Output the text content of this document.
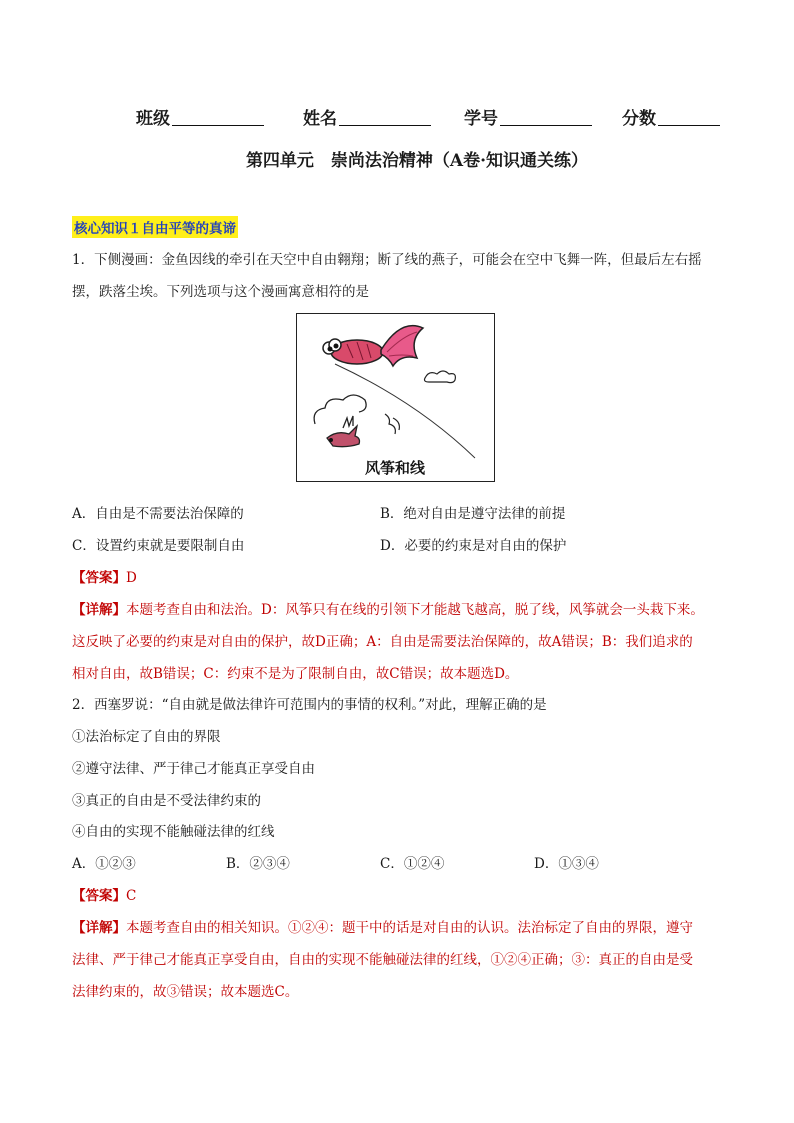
班级	姓名	学号	分数
第四单元　崇尚法治精神（A卷·知识通关练）
核心知识１自由平等的真谛
1．下侧漫画：金鱼因线的牵引在天空中自由翱翔；断了线的燕子，可能会在空中飞舞一阵，但最后左右摇
摆，跌落尘埃。下列选项与这个漫画寓意相符的是
风筝和线
A．自由是不需要法治保障的	B．绝对自由是遵守法律的前提
C．设置约束就是要限制自由	D．必要的约束是对自由的保护
【答案】D
【详解】本题考查自由和法治。D：风筝只有在线的引领下才能越飞越高，脱了线，风筝就会一头栽下来。
这反映了必要的约束是对自由的保护，故D正确；A：自由是需要法治保障的，故A错误；B：我们追求的
相对自由，故B错误；C：约束不是为了限制自由，故C错误；故本题选D。
2．西塞罗说：“自由就是做法律许可范围内的事情的权利。”对此，理解正确的是
①法治标定了自由的界限
②遵守法律、严于律己才能真正享受自由
③真正的自由是不受法律约束的
④自由的实现不能触碰法律的红线
A．①②③	B．②③④	C．①②④	D．①③④
【答案】C
【详解】本题考查自由的相关知识。①②④：题干中的话是对自由的认识。法治标定了自由的界限，遵守
法律、严于律己才能真正享受自由，自由的实现不能触碰法律的红线，①②④正确；③：真正的自由是受
法律约束的，故③错误；故本题选C。
